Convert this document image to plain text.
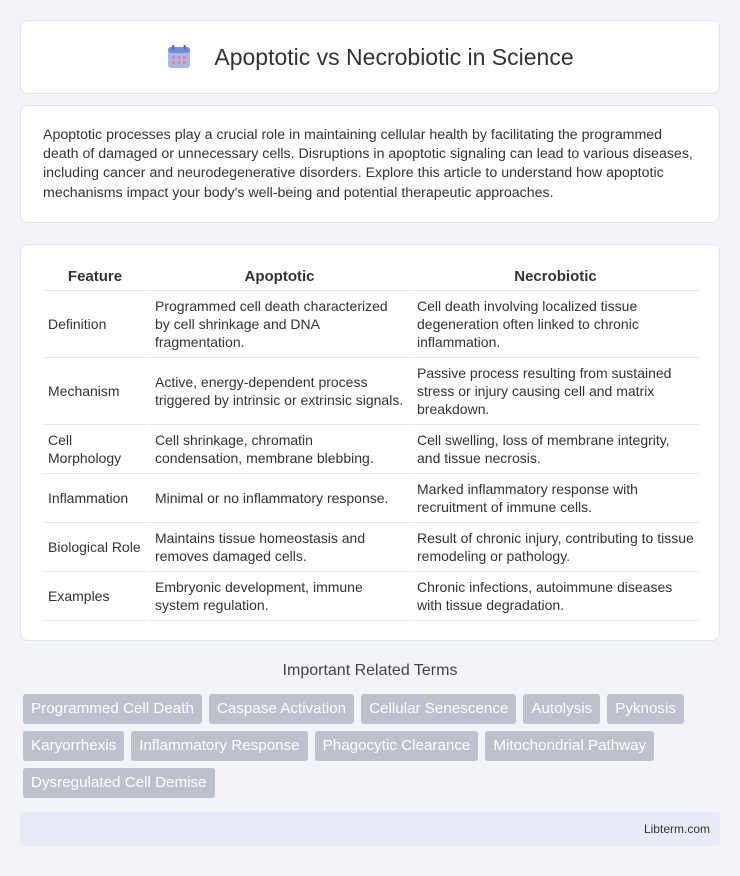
Apoptotic vs Necrobiotic in Science

Apoptotic processes play a crucial role in maintaining cellular health by facilitating the programmed death of damaged or unnecessary cells. Disruptions in apoptotic signaling can lead to various diseases, including cancer and neurodegenerative disorders. Explore this article to understand how apoptotic mechanisms impact your body's well-being and potential therapeutic approaches.

Feature	Apoptotic	Necrobiotic
Definition	Programmed cell death characterized by cell shrinkage and DNA fragmentation.	Cell death involving localized tissue degeneration often linked to chronic inflammation.
Mechanism	Active, energy-dependent process triggered by intrinsic or extrinsic signals.	Passive process resulting from sustained stress or injury causing cell and matrix breakdown.
Cell Morphology	Cell shrinkage, chromatin condensation, membrane blebbing.	Cell swelling, loss of membrane integrity, and tissue necrosis.
Inflammation	Minimal or no inflammatory response.	Marked inflammatory response with recruitment of immune cells.
Biological Role	Maintains tissue homeostasis and removes damaged cells.	Result of chronic injury, contributing to tissue remodeling or pathology.
Examples	Embryonic development, immune system regulation.	Chronic infections, autoimmune diseases with tissue degradation.
Important Related Terms
Programmed Cell Death	Caspase Activation	Cellular Senescence	Autolysis	Pyknosis
Karyorrhexis	Inflammatory Response	Phagocytic Clearance	Mitochondrial Pathway
Dysregulated Cell Demise
Libterm.com
